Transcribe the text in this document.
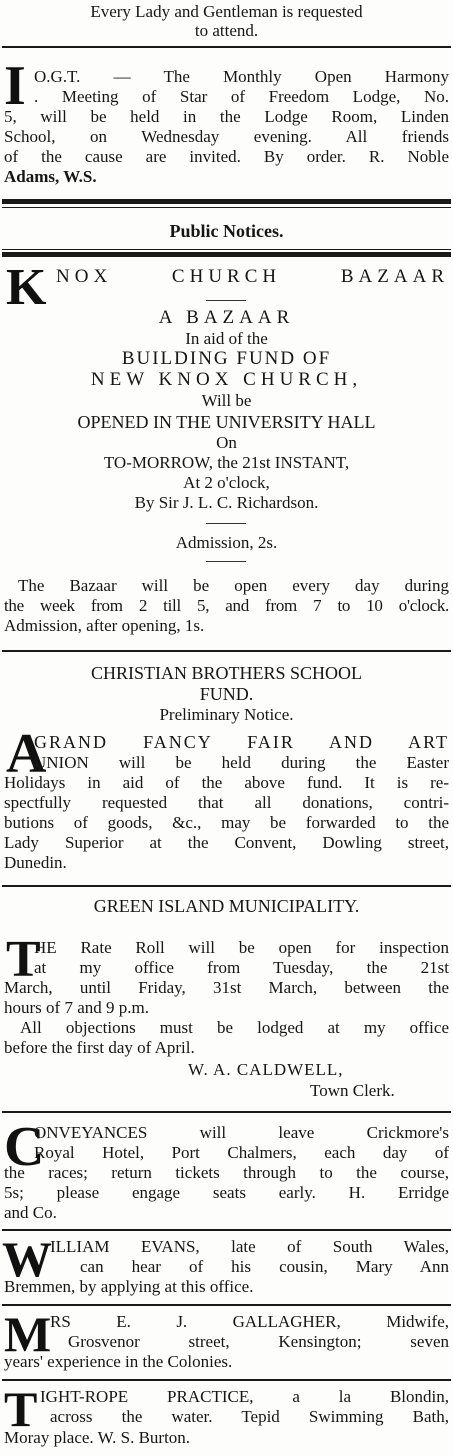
Every Lady and Gentleman is requested
to attend.
I O.G.T. — The Monthly Open Harmony
. Meeting of Star of Freedom Lodge, No.
5, will be held in the Lodge Room, Linden
School, on Wednesday evening. All friends
of the cause are invited. By order. R. Noble
Adams, W.S.
Public Notices.
K NOX CHURCH BAZAAR
A BAZAAR
In aid of the
BUILDING FUND OF
NEW KNOX CHURCH,
Will be
OPENED IN THE UNIVERSITY HALL
On
TO-MORROW, the 21st INSTANT,
At 2 o'clock,
By Sir J. L. C. Richardson.
Admission, 2s.
The Bazaar will be open every day during
the week from 2 till 5, and from 7 to 10 o'clock.
Admission, after opening, 1s.
CHRISTIAN BROTHERS SCHOOL
FUND.
Preliminary Notice.
A
GRAND FANCY FAIR AND ART
UNION will be held during the Easter
Holidays in aid of the above fund. It is re-
spectfully requested that all donations, contri-
butions of goods, &c., may be forwarded to the
Lady Superior at the Convent, Dowling street,
Dunedin.
GREEN ISLAND MUNICIPALITY.
T
HE Rate Roll will be open for inspection
at my office from Tuesday, the 21st
March, until Friday, 31st March, between the
hours of 7 and 9 p.m.
All objections must be lodged at my office
before the first day of April.
W. A. CALDWELL,
Town Clerk.
C
ONVEYANCES will leave Crickmore's
Royal Hotel, Port Chalmers, each day of
the races; return tickets through to the course,
5s; please engage seats early. H. Erridge
and Co.
W
ILLIAM EVANS, late of South Wales,
can hear of his cousin, Mary Ann
Bremmen, by applying at this office.
M
RS E. J. GALLAGHER, Midwife,
Grosvenor street, Kensington; seven
years' experience in the Colonies.
T IGHT-ROPE PRACTICE, a la Blondin,
across the water. Tepid Swimming Bath,
Moray place. W. S. Burton.
